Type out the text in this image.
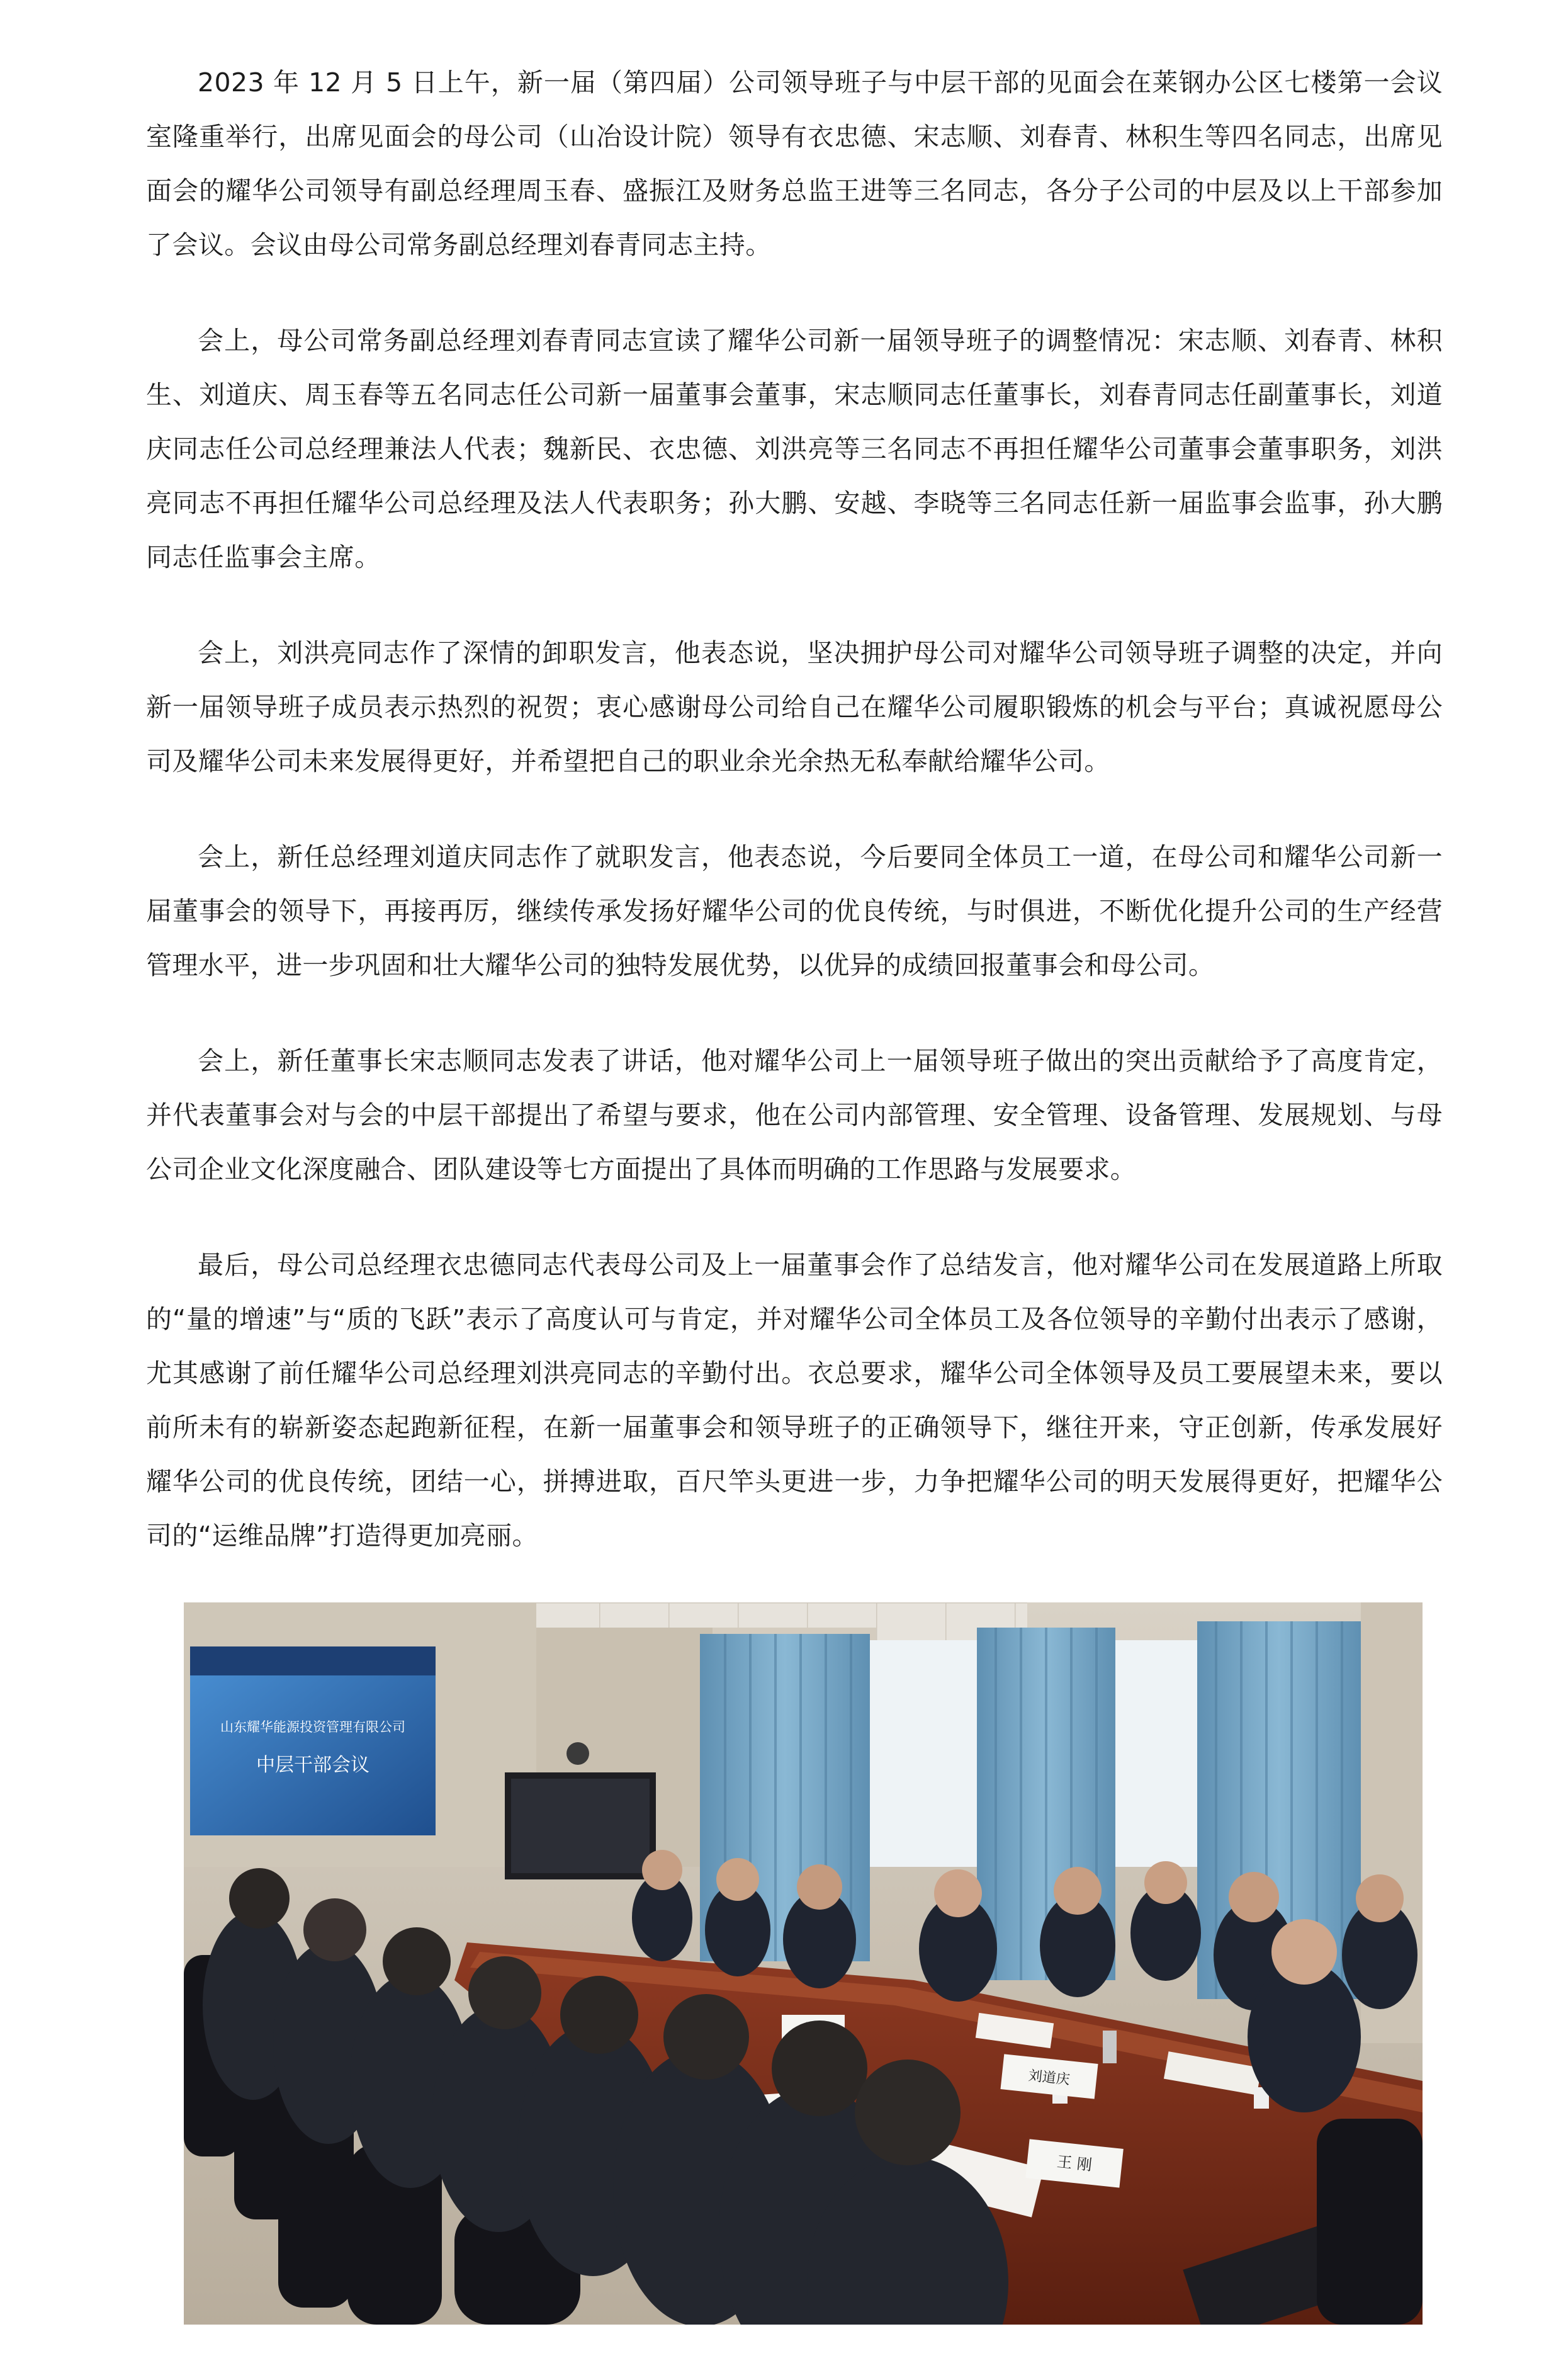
2023 年 12 月 5 日上午，新一届（第四届）公司领导班子与中层干部的见面会在莱钢办公区七楼第一会议室隆重举行，出席见面会的母公司（山冶设计院）领导有衣忠德、宋志顺、刘春青、林积生等四名同志，出席见面会的耀华公司领导有副总经理周玉春、盛振江及财务总监王进等三名同志，各分子公司的中层及以上干部参加了会议。会议由母公司常务副总经理刘春青同志主持。

会上，母公司常务副总经理刘春青同志宣读了耀华公司新一届领导班子的调整情况：宋志顺、刘春青、林积生、刘道庆、周玉春等五名同志任公司新一届董事会董事，宋志顺同志任董事长，刘春青同志任副董事长，刘道庆同志任公司总经理兼法人代表；魏新民、衣忠德、刘洪亮等三名同志不再担任耀华公司董事会董事职务，刘洪亮同志不再担任耀华公司总经理及法人代表职务；孙大鹏、安越、李晓等三名同志任新一届监事会监事，孙大鹏同志任监事会主席。

会上，刘洪亮同志作了深情的卸职发言，他表态说，坚决拥护母公司对耀华公司领导班子调整的决定，并向新一届领导班子成员表示热烈的祝贺；衷心感谢母公司给自己在耀华公司履职锻炼的机会与平台；真诚祝愿母公司及耀华公司未来发展得更好，并希望把自己的职业余光余热无私奉献给耀华公司。

会上，新任总经理刘道庆同志作了就职发言，他表态说，今后要同全体员工一道，在母公司和耀华公司新一届董事会的领导下，再接再厉，继续传承发扬好耀华公司的优良传统，与时俱进，不断优化提升公司的生产经营管理水平，进一步巩固和壮大耀华公司的独特发展优势，以优异的成绩回报董事会和母公司。

会上，新任董事长宋志顺同志发表了讲话，他对耀华公司上一届领导班子做出的突出贡献给予了高度肯定，并代表董事会对与会的中层干部提出了希望与要求，他在公司内部管理、安全管理、设备管理、发展规划、与母公司企业文化深度融合、团队建设等七方面提出了具体而明确的工作思路与发展要求。

最后，母公司总经理衣忠德同志代表母公司及上一届董事会作了总结发言，他对耀华公司在发展道路上所取的“量的增速”与“质的飞跃”表示了高度认可与肯定，并对耀华公司全体员工及各位领导的辛勤付出表示了感谢，尤其感谢了前任耀华公司总经理刘洪亮同志的辛勤付出。衣总要求，耀华公司全体领导及员工要展望未来，要以前所未有的崭新姿态起跑新征程，在新一届董事会和领导班子的正确领导下，继往开来，守正创新，传承发展好耀华公司的优良传统，团结一心，拼搏进取，百尺竿头更进一步，力争把耀华公司的明天发展得更好，把耀华公司的“运维品牌”打造得更加亮丽。

山东耀华能源投资管理有限公司
中层干部会议
刘道庆
王 刚
